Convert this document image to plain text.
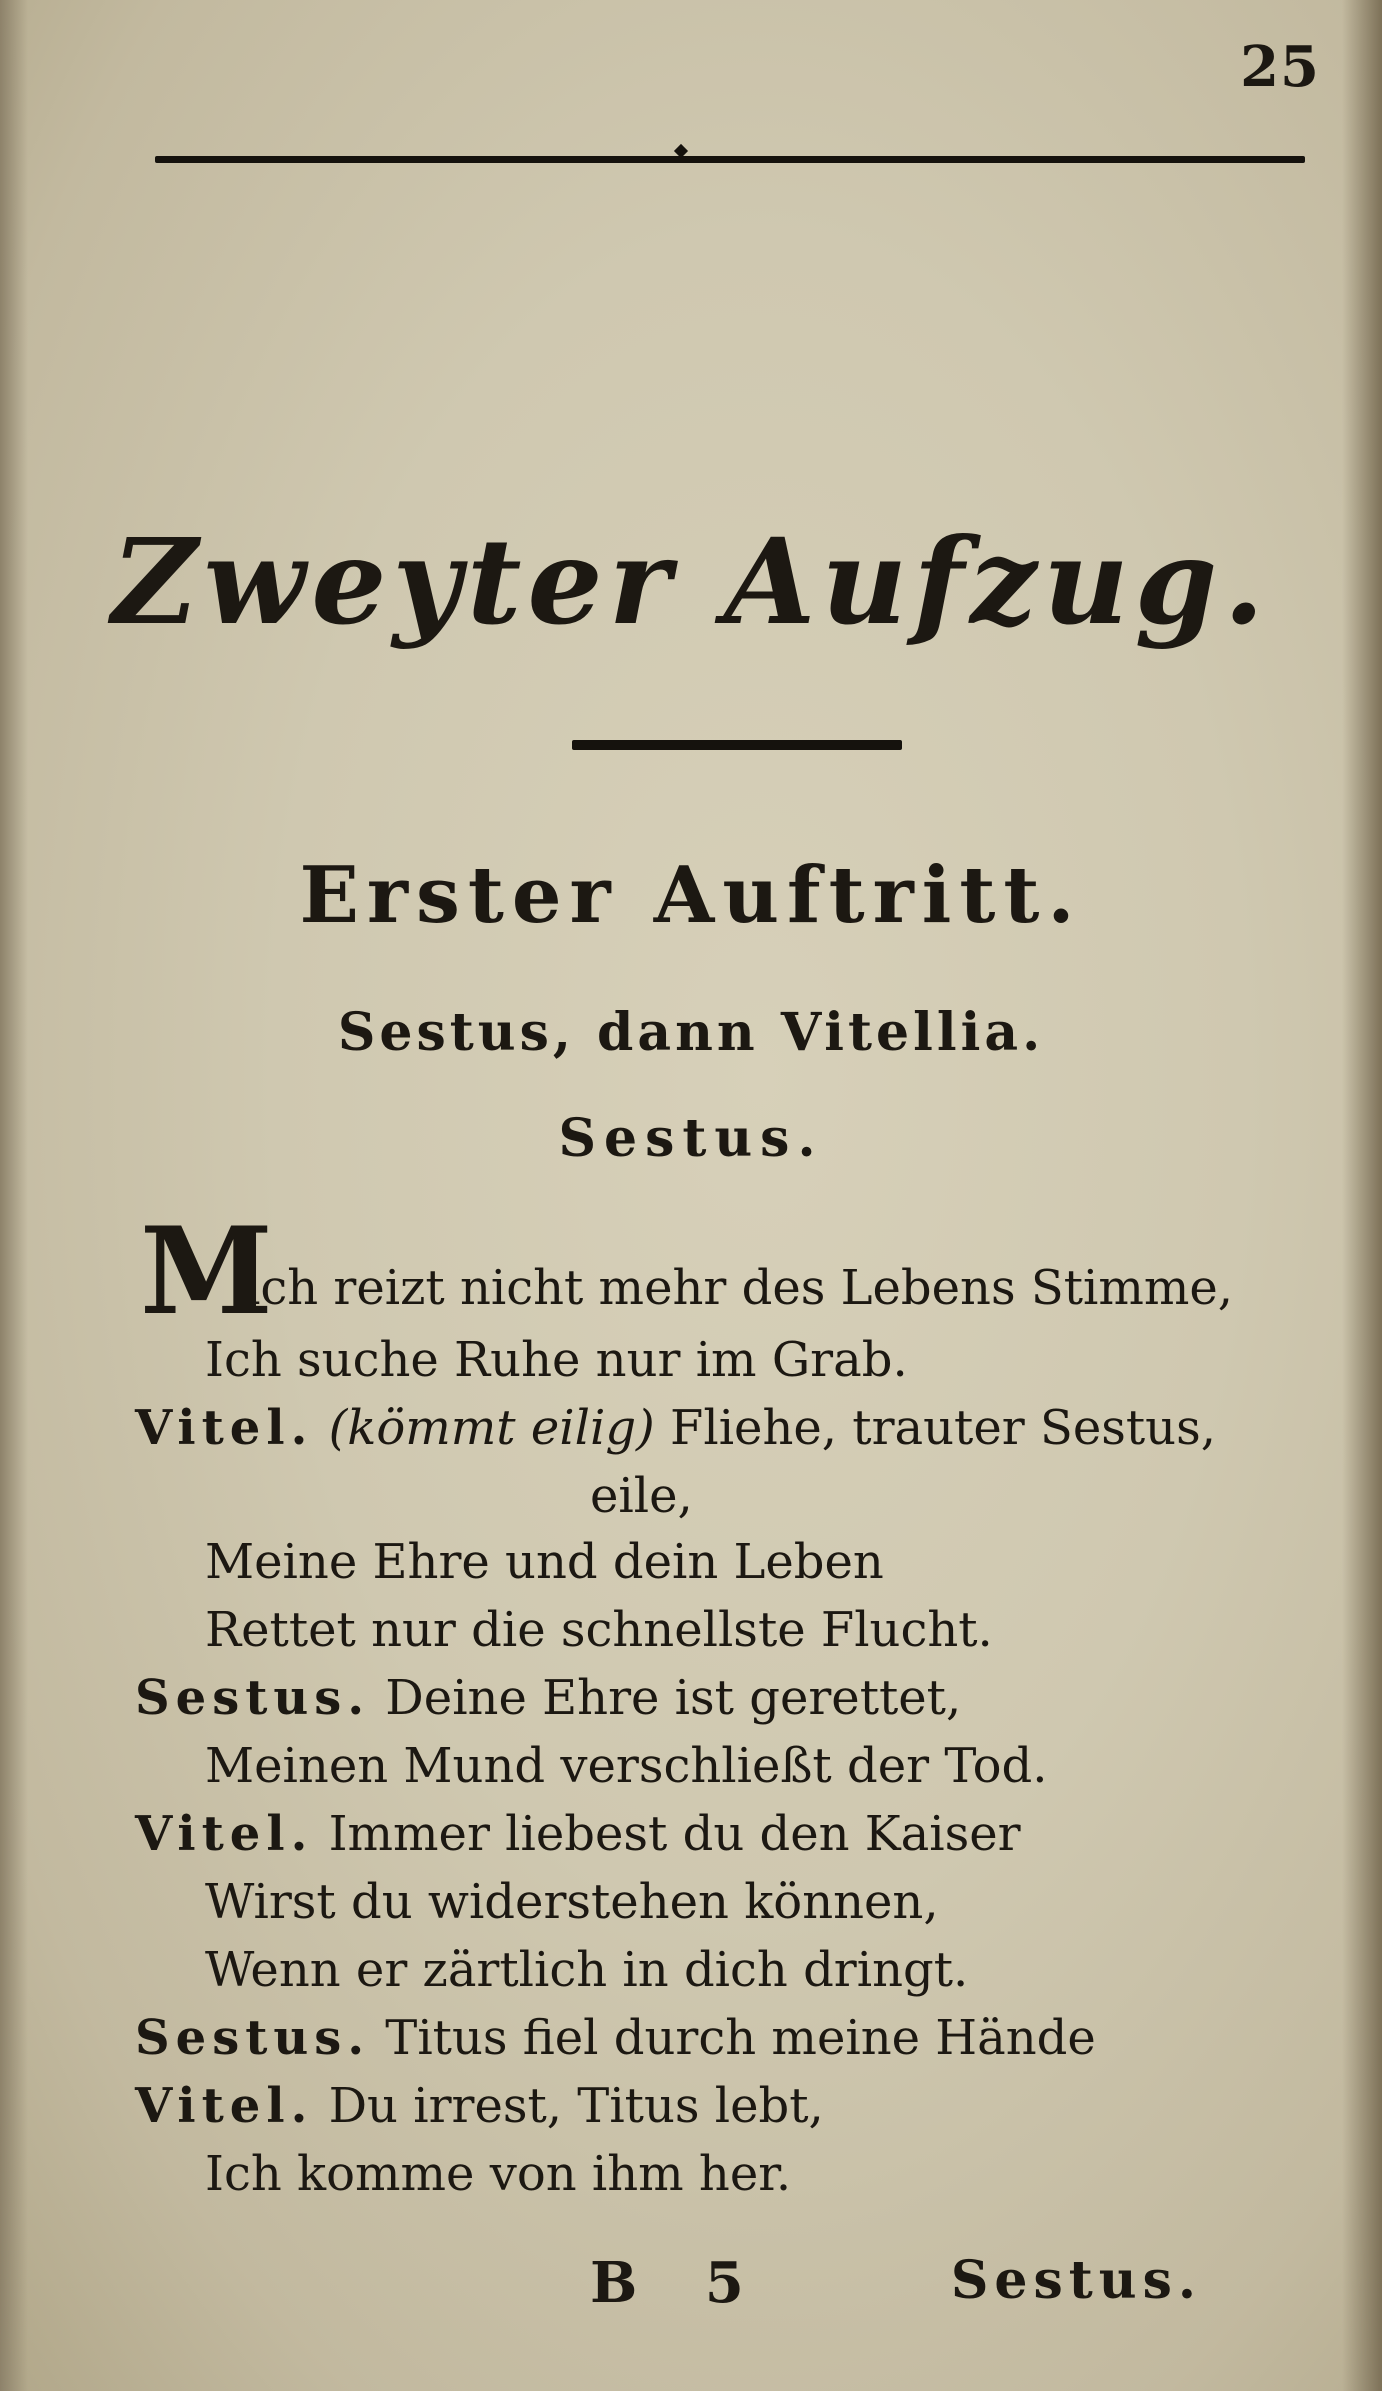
25
Zweyter Aufzug.
Erster Auftritt.
Sestus, dann Vitellia.
Sestus.
M
ich reizt nicht mehr des Lebens Stimme,
Ich suche Ruhe nur im Grab.
Vitel. (kömmt eilig) Fliehe, trauter Sestus,
eile,
Meine Ehre und dein Leben
Rettet nur die schnellste Flucht.
Sestus. Deine Ehre ist gerettet,
Meinen Mund verschließt der Tod.
Vitel. Immer liebest du den Kaiser
Wirst du widerstehen können,
Wenn er zärtlich in dich dringt.
Sestus. Titus fiel durch meine Hände
Vitel. Du irrest, Titus lebt,
Ich komme von ihm her.
B 5	Sestus.
